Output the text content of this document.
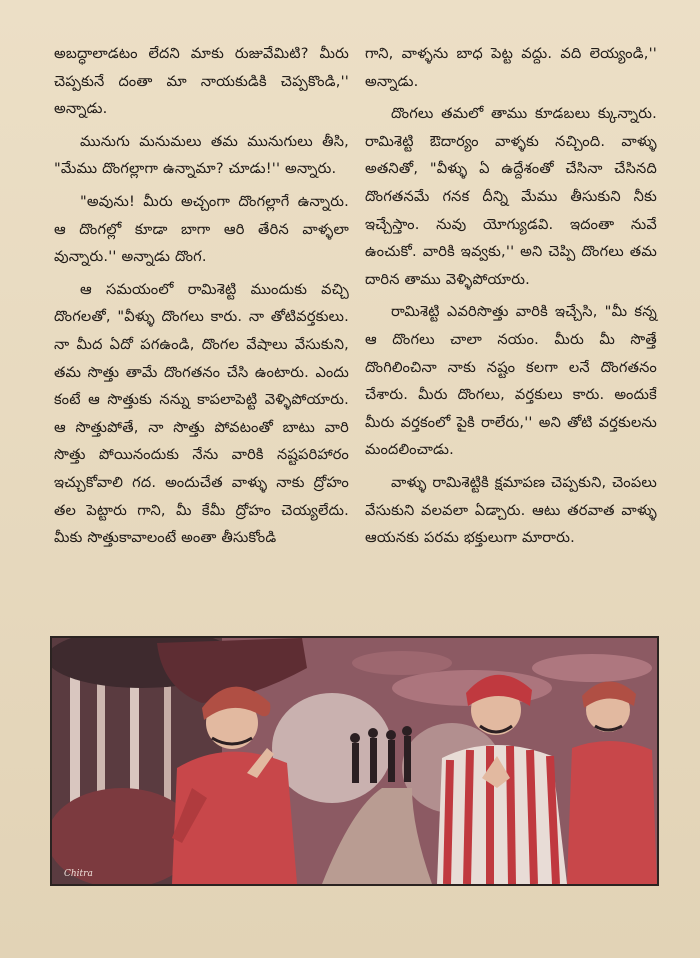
అబద్ధాలాడటం లేదని మాకు రుజువేమిటి? మీరు చెప్పకునే దంతా మా నాయకుడికి చెప్పకొండి,'' అన్నాడు.

మునుగు మనుమలు తమ మునుగులు తీసి, "మేము దొంగల్లాగా ఉన్నామా? చూడు!'' అన్నారు.

"అవును! మీరు అచ్చంగా దొంగల్లాగే ఉన్నారు. ఆ దొంగల్లో కూడా బాగా ఆరి తేరిన వాళ్ళలా వున్నారు.'' అన్నాడు దొంగ.

ఆ సమయంలో రామిశెట్టి ముందుకు వచ్చి దొంగలతో, "వీళ్ళు దొంగలు కారు. నా తోటివర్తకులు. నా మీద ఏదో పగఉండి, దొంగల వేషాలు వేసుకుని, తమ సొత్తు తామే దొంగతనం చేసి ఉంటారు. ఎందు కంటే ఆ సొత్తుకు నన్ను కాపలాపెట్టి వెళ్ళిపోయారు. ఆ సొత్తుపోతే, నా సొత్తు పోవటంతో బాటు వారి సొత్తు పోయినందుకు నేను వారికి నష్టపరిహారం ఇచ్చుకోవాలి గద. అందుచేత వాళ్ళు నాకు ద్రోహం తల పెట్టారు గాని, మీ కేమీ ద్రోహం చెయ్యలేదు. మీకు సొత్తుకావాలంటే అంతా తీసుకోండి

గాని, వాళ్ళను బాధ పెట్ట వద్దు. వది లెయ్యండి,'' అన్నాడు.

దొంగలు తమలో తాము కూడబలు క్కున్నారు. రామిశెట్టి ఔదార్యం వాళ్ళకు నచ్చింది. వాళ్ళు అతనితో, "వీళ్ళు ఏ ఉద్దేశంతో చేసినా చేసినది దొంగతనమే గనక దీన్ని మేము తీసుకుని నీకు ఇచ్చేస్తాం. నువు యోగ్యుడవి. ఇదంతా నువే ఉంచుకో. వారికి ఇవ్వకు,'' అని చెప్పి దొంగలు తమ దారిన తాము వెళ్ళిపోయారు.

రామిశెట్టి ఎవరిసొత్తు వారికి ఇచ్చేసి, "మీ కన్న ఆ దొంగలు చాలా నయం. మీరు మీ సొత్తే దొంగిలించినా నాకు నష్టం కలగా లనే దొంగతనం చేశారు. మీరు దొంగలు, వర్తకులు కారు. అందుకే మీరు వర్తకంలో పైకి రాలేరు,'' అని తోటి వర్తకులను మందలించాడు.

వాళ్ళు రామిశెట్టికి క్షమాపణ చెప్పకుని, చెంపలు వేసుకుని వలవలా ఏడ్చారు. ఆటు తరవాత వాళ్ళు ఆయనకు పరమ భక్తులుగా మారారు.

Chitra
